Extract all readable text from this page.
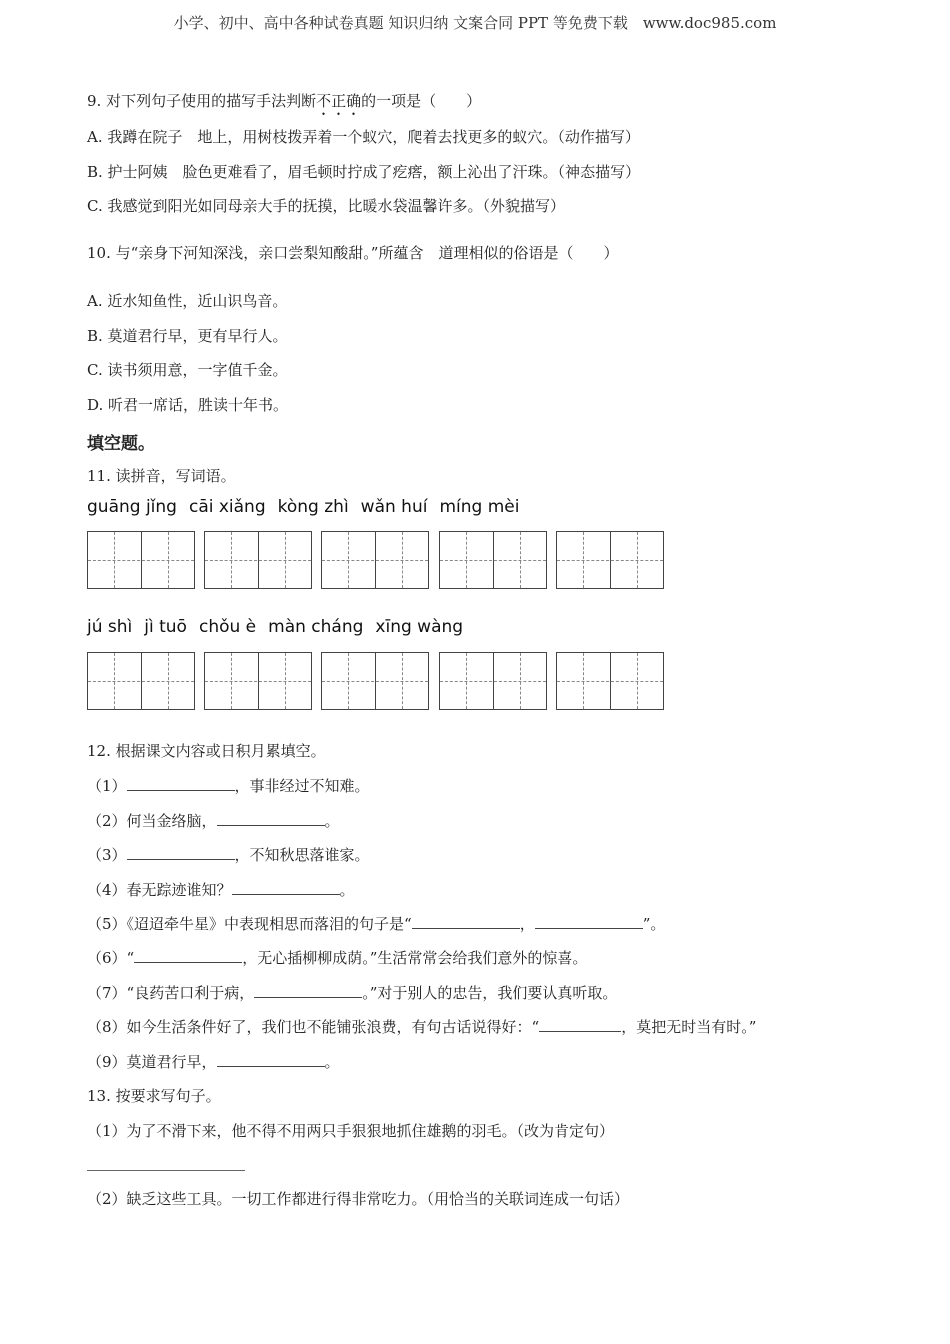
小学、初中、高中各种试卷真题 知识归纳 文案合同 PPT 等免费下载　www.doc985.com
9. 对下列句子使用的描写手法判断不正确的一项是（　　）
A. 我蹲在院子　地上，用树枝拨弄着一个蚁穴，爬着去找更多的蚁穴。（动作描写）
B. 护士阿姨　脸色更难看了，眉毛顿时拧成了疙瘩，额上沁出了汗珠。（神态描写）
C. 我感觉到阳光如同母亲大手的抚摸，比暖水袋温馨许多。（外貌描写）
10. 与“亲身下河知深浅，亲口尝梨知酸甜。”所蕴含　道理相似的俗语是（　　）
A. 近水知鱼性，近山识鸟音。
B. 莫道君行早，更有早行人。
C. 读书须用意，一字值千金。
D. 听君一席话，胜读十年书。
填空题。
11. 读拼音，写词语。
guāng jǐng cāi xiǎng kòng zhì wǎn huí míng mèi
jú shì jì tuō chǒu è màn cháng xīng wàng
12. 根据课文内容或日积月累填空。
（1）	，事非经过不知难。
（2）何当金络脑，	。
（3）	，不知秋思落谁家。
（4）春无踪迹谁知？	。
（5）《迢迢牵牛星》中表现相思而落泪的句子是“	，	”。
（6）“	，无心插柳柳成荫。”生活常常会给我们意外的惊喜。
（7）“良药苦口利于病，	。”对于别人的忠告，我们要认真听取。
（8）如今生活条件好了，我们也不能铺张浪费，有句古话说得好：“	，莫把无时当有时。”
（9）莫道君行早，	。
13. 按要求写句子。
（1）为了不滑下来，他不得不用两只手狠狠地抓住雄鹅的羽毛。（改为肯定句）
（2）缺乏这些工具。一切工作都进行得非常吃力。（用恰当的关联词连成一句话）
